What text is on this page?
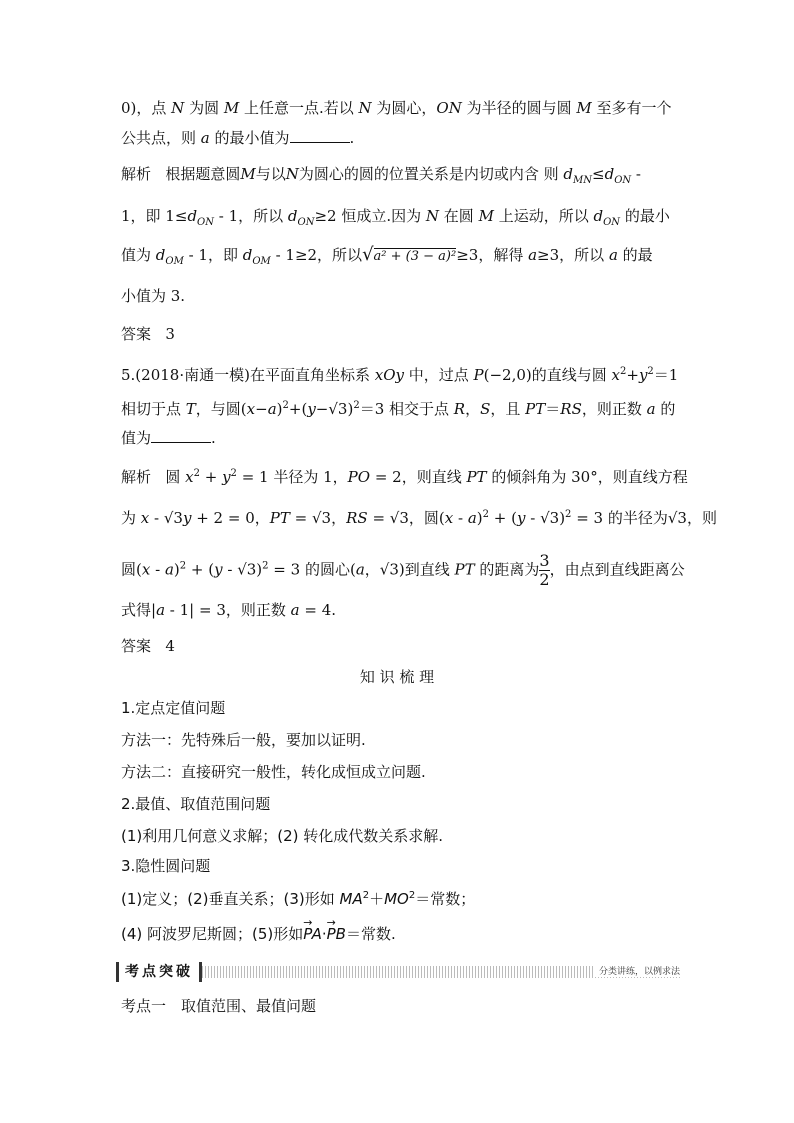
0)，点 N 为圆 M 上任意一点.若以 N 为圆心，ON 为半径的圆与圆 M 至多有一个
公共点，则 a 的最小值为	.
解析 根据题意圆M与以N为圆心的圆的位置关系是内切或内含 则 $d_{MN}\le d_{ON}$ -
1，即 $1\le d_{ON} - 1$，所以 $d_{ON}\ge 2$ 恒成立.因为 N 在圆 M 上运动，所以 $d_{ON}$ 的最小
值为 $d_{OM} - 1$，即 $d_{OM} - 1\ge 2$，所以√a² + (3 − a)²≥3，解得 a≥3，所以 a 的最
小值为 3.
答案 3
5.(2018·南通一模)在平面直角坐标系 xOy 中，过点 P(−2,0)的直线与圆 $x^2+y^2=1$
相切于点 T，与圆$(x-a)^2+(y-√3)^2=3$ 相交于点 R，S，且 PT＝RS，则正数 a 的
值为	.
解析 圆 $x^2 + y^2 = 1$ 半径为 1，PO = 2，则直线 PT 的倾斜角为 30°，则直线方程
为 x - √3y + 2 = 0，PT = √3，RS = √3，圆(x - a)$^2$ + (y - √3)$^2$ = 3 的半径为√3，则
圆(x - a)$^2$ + (y - √3)$^2$ = 3 的圆心(a，√3)到直线 PT 的距离为 $\frac{3}{2}$ ，由点到直线距离公
式得|a - 1| = 3，则正数 a = 4.
答案 4
知 识 梳 理
1.定点定值问题
方法一：先特殊后一般，要加以证明.
方法二：直接研究一般性，转化成恒成立问题.
2.最值、取值范围问题
(1)利用几何意义求解；(2) 转化成代数关系求解.
3.隐性圆问题
(1)定义；(2)垂直关系；(3)形如 $MA^2+MO^2=$常数；
(4) 阿波罗尼斯圆；(5)形如→ PA·→ PB＝常数.
考点突破	分类讲练，以例求法
考点一　取值范围、最值问题
